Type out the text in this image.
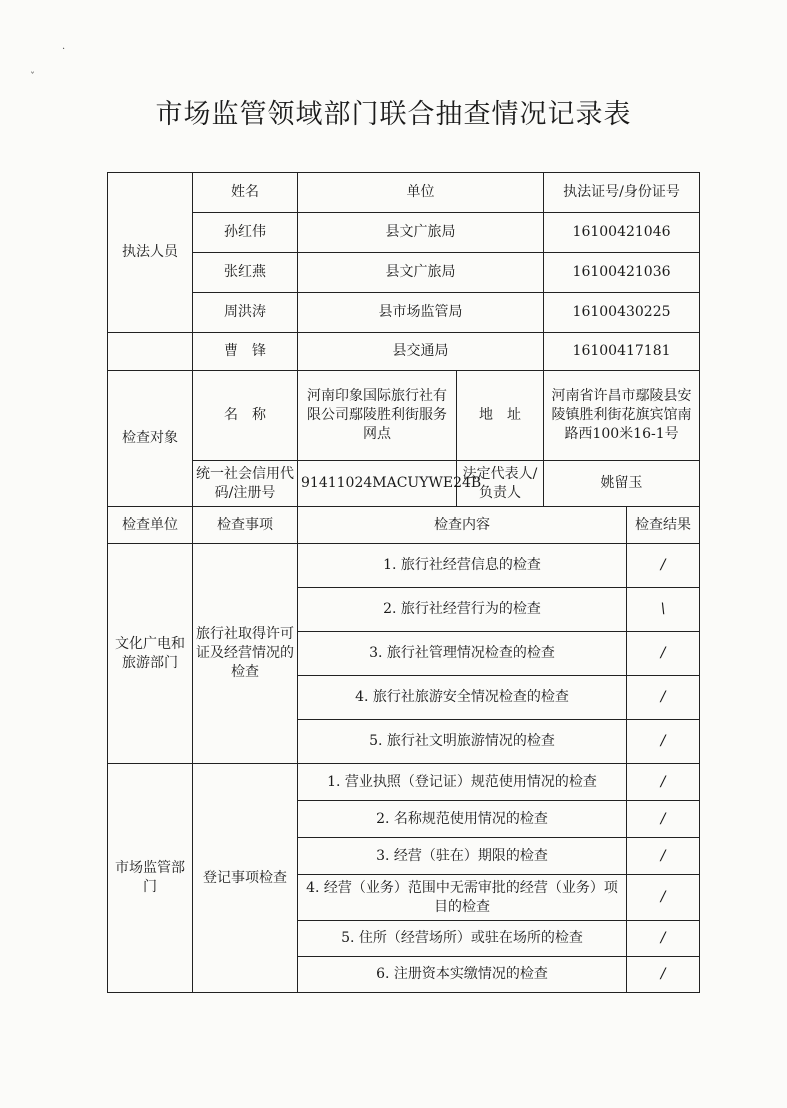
·
ˇ
市场监管领域部门联合抽查情况记录表
执法人员	姓名	单位		执法证号/身份证号	
	孙红伟	县文广旅局		16100421046	
	张红燕	县文广旅局		16100421036	
	周洪涛	县市场监管局		16100430225	
	曹　锋	县交通局		16100417181	
检查对象	名　称	河南印象国际旅行社有限公司鄢陵胜利街服务网点	地　址	河南省许昌市鄢陵县安陵镇胜利街花旗宾馆南路西100米16-1号	
	统一社会信用代码/注册号	91411024MACUYWE24B	法定代表人/负责人	姚留玉	
检查单位	检查事项	检查内容			检查结果
文化广电和旅游部门	旅行社取得许可证及经营情况的检查	1. 旅行社经营信息的检查			/
		2. 旅行社经营行为的检查			\
		3. 旅行社管理情况检查的检查			/
		4. 旅行社旅游安全情况检查的检查			/
		5. 旅行社文明旅游情况的检查			/
市场监管部门	登记事项检查	1. 营业执照（登记证）规范使用情况的检查			/
		2. 名称规范使用情况的检查			/
		3. 经营（驻在）期限的检查			/
		4. 经营（业务）范围中无需审批的经营（业务）项目的检查			/
		5. 住所（经营场所）或驻在场所的检查			/
		6. 注册资本实缴情况的检查			/
